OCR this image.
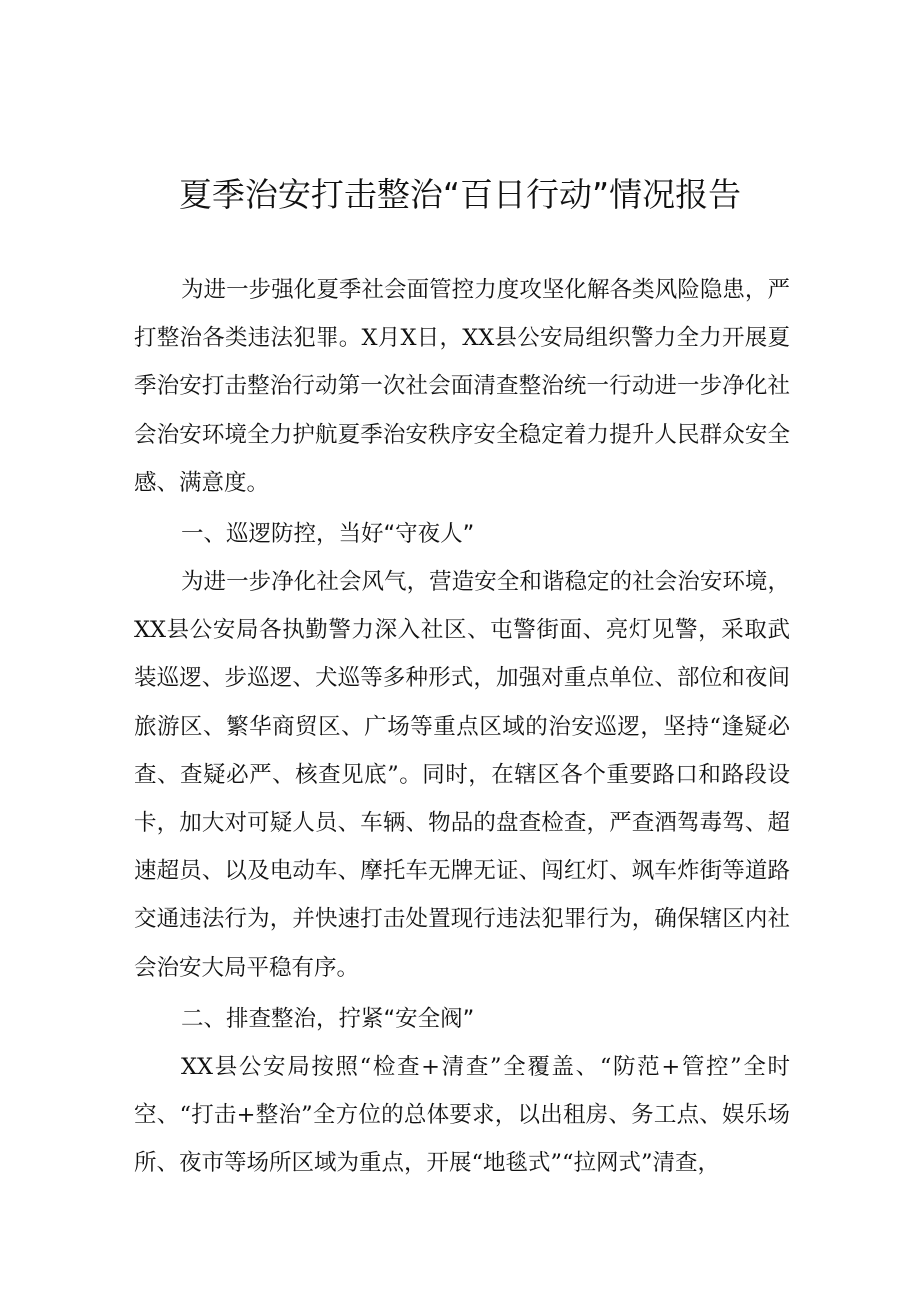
夏季治安打击整治“百日行动”情况报告

为进一步强化夏季社会面管控力度攻坚化解各类风险隐患，严打整治各类违法犯罪。X月X日，XX县公安局组织警力全力开展夏季治安打击整治行动第一次社会面清查整治统一行动进一步净化社会治安环境全力护航夏季治安秩序安全稳定着力提升人民群众安全感、满意度。

一、巡逻防控，当好“守夜人”

为进一步净化社会风气，营造安全和谐稳定的社会治安环境，XX县公安局各执勤警力深入社区、屯警街面、亮灯见警，采取武装巡逻、步巡逻、犬巡等多种形式，加强对重点单位、部位和夜间旅游区、繁华商贸区、广场等重点区域的治安巡逻，坚持“逢疑必查、查疑必严、核查见底”。同时，在辖区各个重要路口和路段设卡，加大对可疑人员、车辆、物品的盘查检查，严查酒驾毒驾、超速超员、以及电动车、摩托车无牌无证、闯红灯、飒车炸街等道路交通违法行为，并快速打击处置现行违法犯罪行为，确保辖区内社会治安大局平稳有序。

二、排查整治，拧紧“安全阀”

XX县公安局按照“检查+清查”全覆盖、“防范+管控”全时空、“打击+整治”全方位的总体要求，以出租房、务工点、娱乐场所、夜市等场所区域为重点，开展“地毯式”“拉网式”清查，
